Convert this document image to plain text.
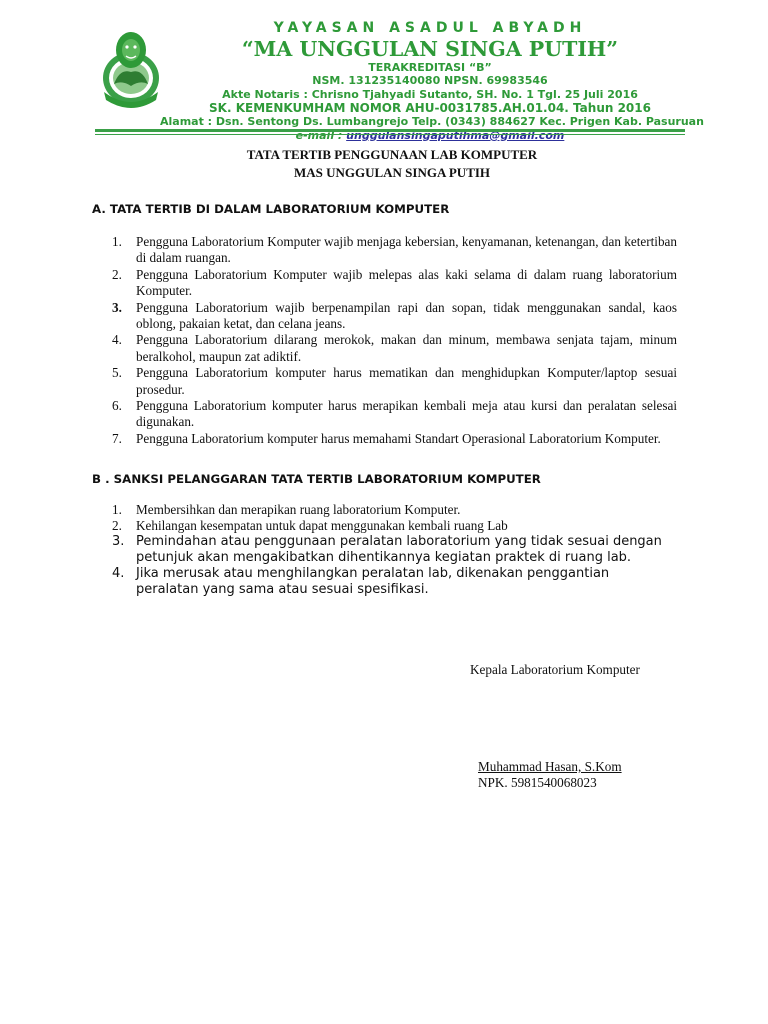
YAYASAN ASADUL ABYADH
“MA UNGGULAN SINGA PUTIH”
TERAKREDITASI “B”
NSM. 131235140080 NPSN. 69983546
Akte Notaris : Chrisno Tjahyadi Sutanto, SH. No. 1 Tgl. 25 Juli 2016
SK. KEMENKUMHAM NOMOR AHU-0031785.AH.01.04. Tahun 2016
Alamat : Dsn. Sentong Ds. Lumbangrejo Telp. (0343) 884627 Kec. Prigen Kab. Pasuruan
e-mail : unggulansingaputihma@gmail.com
TATA TERTIB PENGGUNAAN LAB KOMPUTER
MAS UNGGULAN SINGA PUTIH
A. TATA TERTIB DI DALAM LABORATORIUM KOMPUTER
1. Pengguna Laboratorium Komputer wajib menjaga kebersian, kenyamanan, ketenangan, dan ketertiban di dalam ruangan.
2. Pengguna Laboratorium Komputer wajib melepas alas kaki selama di dalam ruang laboratorium Komputer.
3. Pengguna Laboratorium wajib berpenampilan rapi dan sopan, tidak menggunakan sandal, kaos oblong, pakaian ketat, dan celana jeans.
4. Pengguna Laboratorium dilarang merokok, makan dan minum, membawa senjata tajam, minum beralkohol, maupun zat adiktif.
5. Pengguna Laboratorium komputer harus mematikan dan menghidupkan Komputer/laptop sesuai prosedur.
6. Pengguna Laboratorium komputer harus merapikan kembali meja atau kursi dan peralatan selesai digunakan.
7. Pengguna Laboratorium komputer harus memahami Standart Operasional Laboratorium Komputer.
B . SANKSI PELANGGARAN TATA TERTIB LABORATORIUM KOMPUTER
1. Membersihkan dan merapikan ruang laboratorium Komputer.
2. Kehilangan kesempatan untuk dapat menggunakan kembali ruang Lab
3. Pemindahan atau penggunaan peralatan laboratorium yang tidak sesuai dengan petunjuk akan mengakibatkan dihentikannya kegiatan praktek di ruang lab.
4. Jika merusak atau menghilangkan peralatan lab, dikenakan penggantian peralatan yang sama atau sesuai spesifikasi.
Kepala Laboratorium Komputer
Muhammad Hasan, S.Kom
NPK. 5981540068023
